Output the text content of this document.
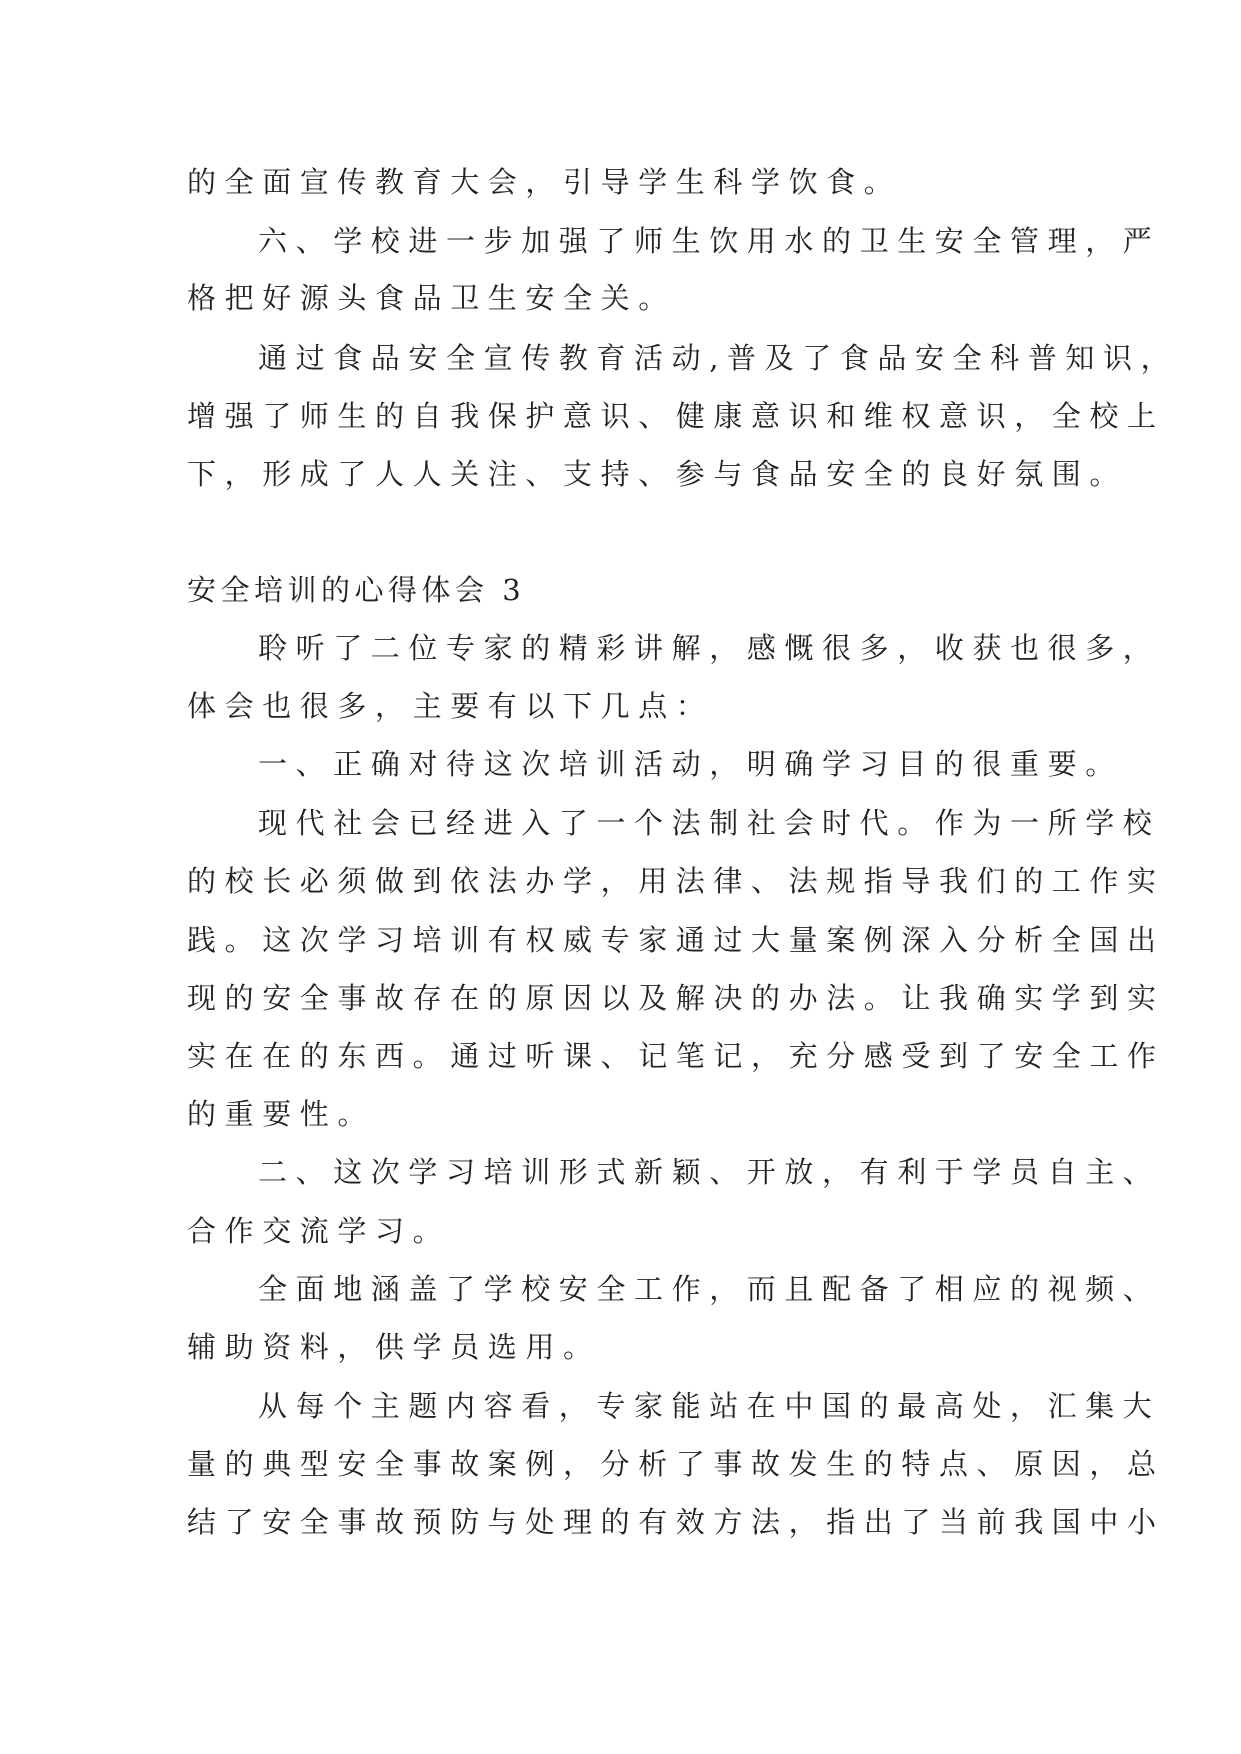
的全面宣传教育大会，引导学生科学饮食。
六、学校进一步加强了师生饮用水的卫生安全管理，严
格把好源头食品卫生安全关。
通过食品安全宣传教育活动,普及了食品安全科普知识，
增强了师生的自我保护意识、健康意识和维权意识，全校上
下，形成了人人关注、支持、参与食品安全的良好氛围。
安全培训的心得体会 3
聆听了二位专家的精彩讲解，感慨很多，收获也很多，
体会也很多，主要有以下几点：
一、正确对待这次培训活动，明确学习目的很重要。
现代社会已经进入了一个法制社会时代。作为一所学校
的校长必须做到依法办学，用法律、法规指导我们的工作实
践。这次学习培训有权威专家通过大量案例深入分析全国出
现的安全事故存在的原因以及解决的办法。让我确实学到实
实在在的东西。通过听课、记笔记，充分感受到了安全工作
的重要性。
二、这次学习培训形式新颖、开放，有利于学员自主、
合作交流学习。
全面地涵盖了学校安全工作，而且配备了相应的视频、
辅助资料，供学员选用。
从每个主题内容看，专家能站在中国的最高处，汇集大
量的典型安全事故案例，分析了事故发生的特点、原因，总
结了安全事故预防与处理的有效方法，指出了当前我国中小
